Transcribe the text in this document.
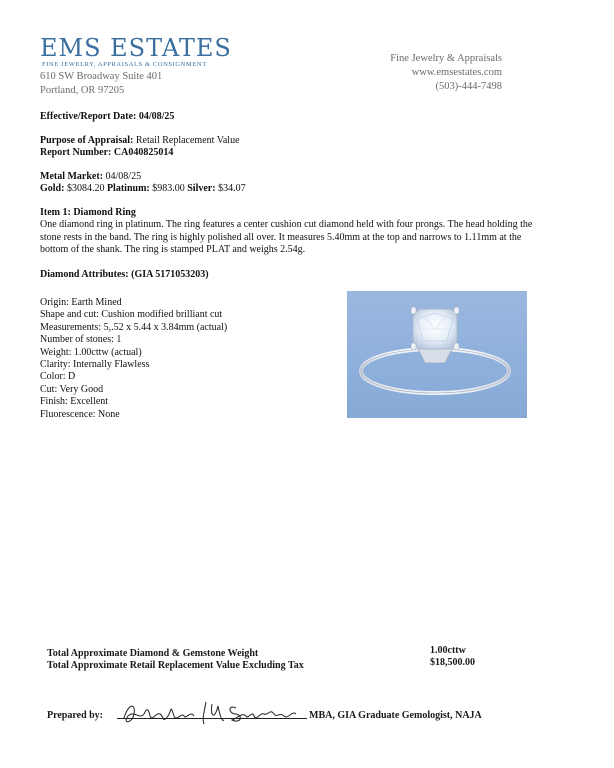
EMS ESTATES
FINE JEWELRY, APPRAISALS & CONSIGNMENT
610 SW Broadway Suite 401
Portland, OR 97205
Fine Jewelry & Appraisals
www.emsestates.com
(503)-444-7498
Effective/Report Date: 04/08/25
Purpose of Appraisal: Retail Replacement Value
Report Number: CA040825014
Metal Market: 04/08/25
Gold: $3084.20 Platinum: $983.00 Silver: $34.07
Item 1: Diamond Ring
One diamond ring in platinum. The ring features a center cushion cut diamond held with four prongs. The head holding the stone rests in the band. The ring is highly polished all over. It measures 5.40mm at the top and narrows to 1.11mm at the bottom of the shank. The ring is stamped PLAT and weighs 2.54g.
Diamond Attributes: (GIA 5171053203)
Origin: Earth Mined
Shape and cut: Cushion modified brilliant cut
Measurements: 5,.52 x 5.44 x 3.84mm (actual)
Number of stones: 1
Weight: 1.00cttw (actual)
Clarity: Internally Flawless
Color: D
Cut: Very Good
Finish: Excellent
Fluorescence: None
Total Approximate Diamond & Gemstone Weight	1.00cttw
Total Approximate Retail Replacement Value Excluding Tax	$18,500.00
Prepared by:	MBA, GIA Graduate Gemologist, NAJA
